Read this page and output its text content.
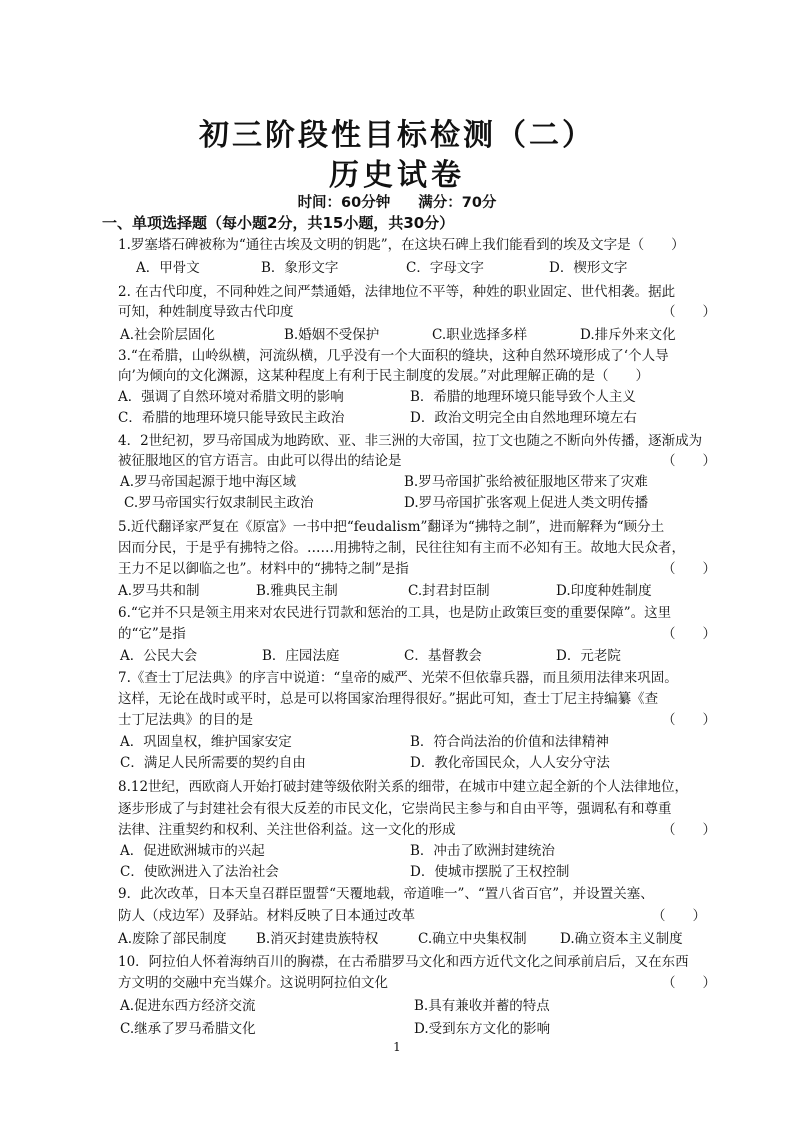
初三阶段性目标检测（二）
历史试卷
时间：60分钟 满分：70分
一、单项选择题（每小题2分，共15小题，共30分）
1.罗塞塔石碑被称为“通往古埃及文明的钥匙”，在这块石碑上我们能看到的埃及文字是（　　）
A．甲骨文	B．象形文字	C．字母文字	D．楔形文字
2. 在古代印度，不同种姓之间严禁通婚，法律地位不平等，种姓的职业固定、世代相袭。据此
可知，种姓制度导致古代印度	（　　）
A.社会阶层固化	B.婚姻不受保护	C.职业选择多样	D.排斥外来文化
3.“在希腊，山岭纵横，河流纵横，几乎没有一个大面积的缝块，这种自然环境形成了‘个人导
向’为倾向的文化渊源，这某种程度上有利于民主制度的发展。”对此理解正确的是（　　）
A．强调了自然环境对希腊文明的影响	B．希腊的地理环境只能导致个人主义
C．希腊的地理环境只能导致民主政治	D．政治文明完全由自然地理环境左右
4．2世纪初，罗马帝国成为地跨欧、亚、非三洲的大帝国，拉丁文也随之不断向外传播，逐渐成为
被征服地区的官方语言。由此可以得出的结论是	（　　）
A.罗马帝国起源于地中海区域	B.罗马帝国扩张给被征服地区带来了灾难
C.罗马帝国实行奴隶制民主政治	D.罗马帝国扩张客观上促进人类文明传播
5.近代翻译家严复在《原富》一书中把“feudalism”翻译为“拂特之制”，进而解释为“顾分土
因而分民，于是乎有拂特之俗。……用拂特之制，民往往知有主而不必知有王。故地大民众者，
王力不足以御临之也”。材料中的“拂特之制”是指	（　　）
A.罗马共和制	B.雅典民主制	C.封君封臣制	D.印度种姓制度
6.“它并不只是领主用来对农民进行罚款和惩治的工具，也是防止政策巨变的重要保障”。这里
的“它”是指	（　　）
A．公民大会	B．庄园法庭	C．基督教会	D．元老院
7.《查士丁尼法典》的序言中说道：“皇帝的威严、光荣不但依靠兵器，而且须用法律来巩固。
这样，无论在战时或平时，总是可以将国家治理得很好。”据此可知，查士丁尼主持编纂《查
士丁尼法典》的目的是	（　　）
A．巩固皇权，维护国家安定	B．符合尚法治的价值和法律精神
C．满足人民所需要的契约自由	D．教化帝国民众，人人安分守法
8.12世纪，西欧商人开始打破封建等级依附关系的细带，在城市中建立起全新的个人法律地位，
逐步形成了与封建社会有很大反差的市民文化，它崇尚民主参与和自由平等，强调私有和尊重
法律、注重契约和权利、关注世俗利益。这一文化的形成	（　　）
A．促进欧洲城市的兴起	B．冲击了欧洲封建统治
C．使欧洲进入了法治社会	D．使城市摆脱了王权控制
9．此次改革，日本天皇召群臣盟誓“天覆地载，帝道唯一”、“置八省百官”，并设置关塞、
防人（戍边军）及驿站。材料反映了日本通过改革	（　　）
A.废除了部民制度 B.消灭封建贵族特权	C.确立中央集权制 D.确立资本主义制度
10．阿拉伯人怀着海纳百川的胸襟，在古希腊罗马文化和西方近代文化之间承前启后，又在东西
方文明的交融中充当媒介。这说明阿拉伯文化	（　　）
A.促进东西方经济交流	B.具有兼收并蓄的特点
C.继承了罗马希腊文化	D.受到东方文化的影响
1
